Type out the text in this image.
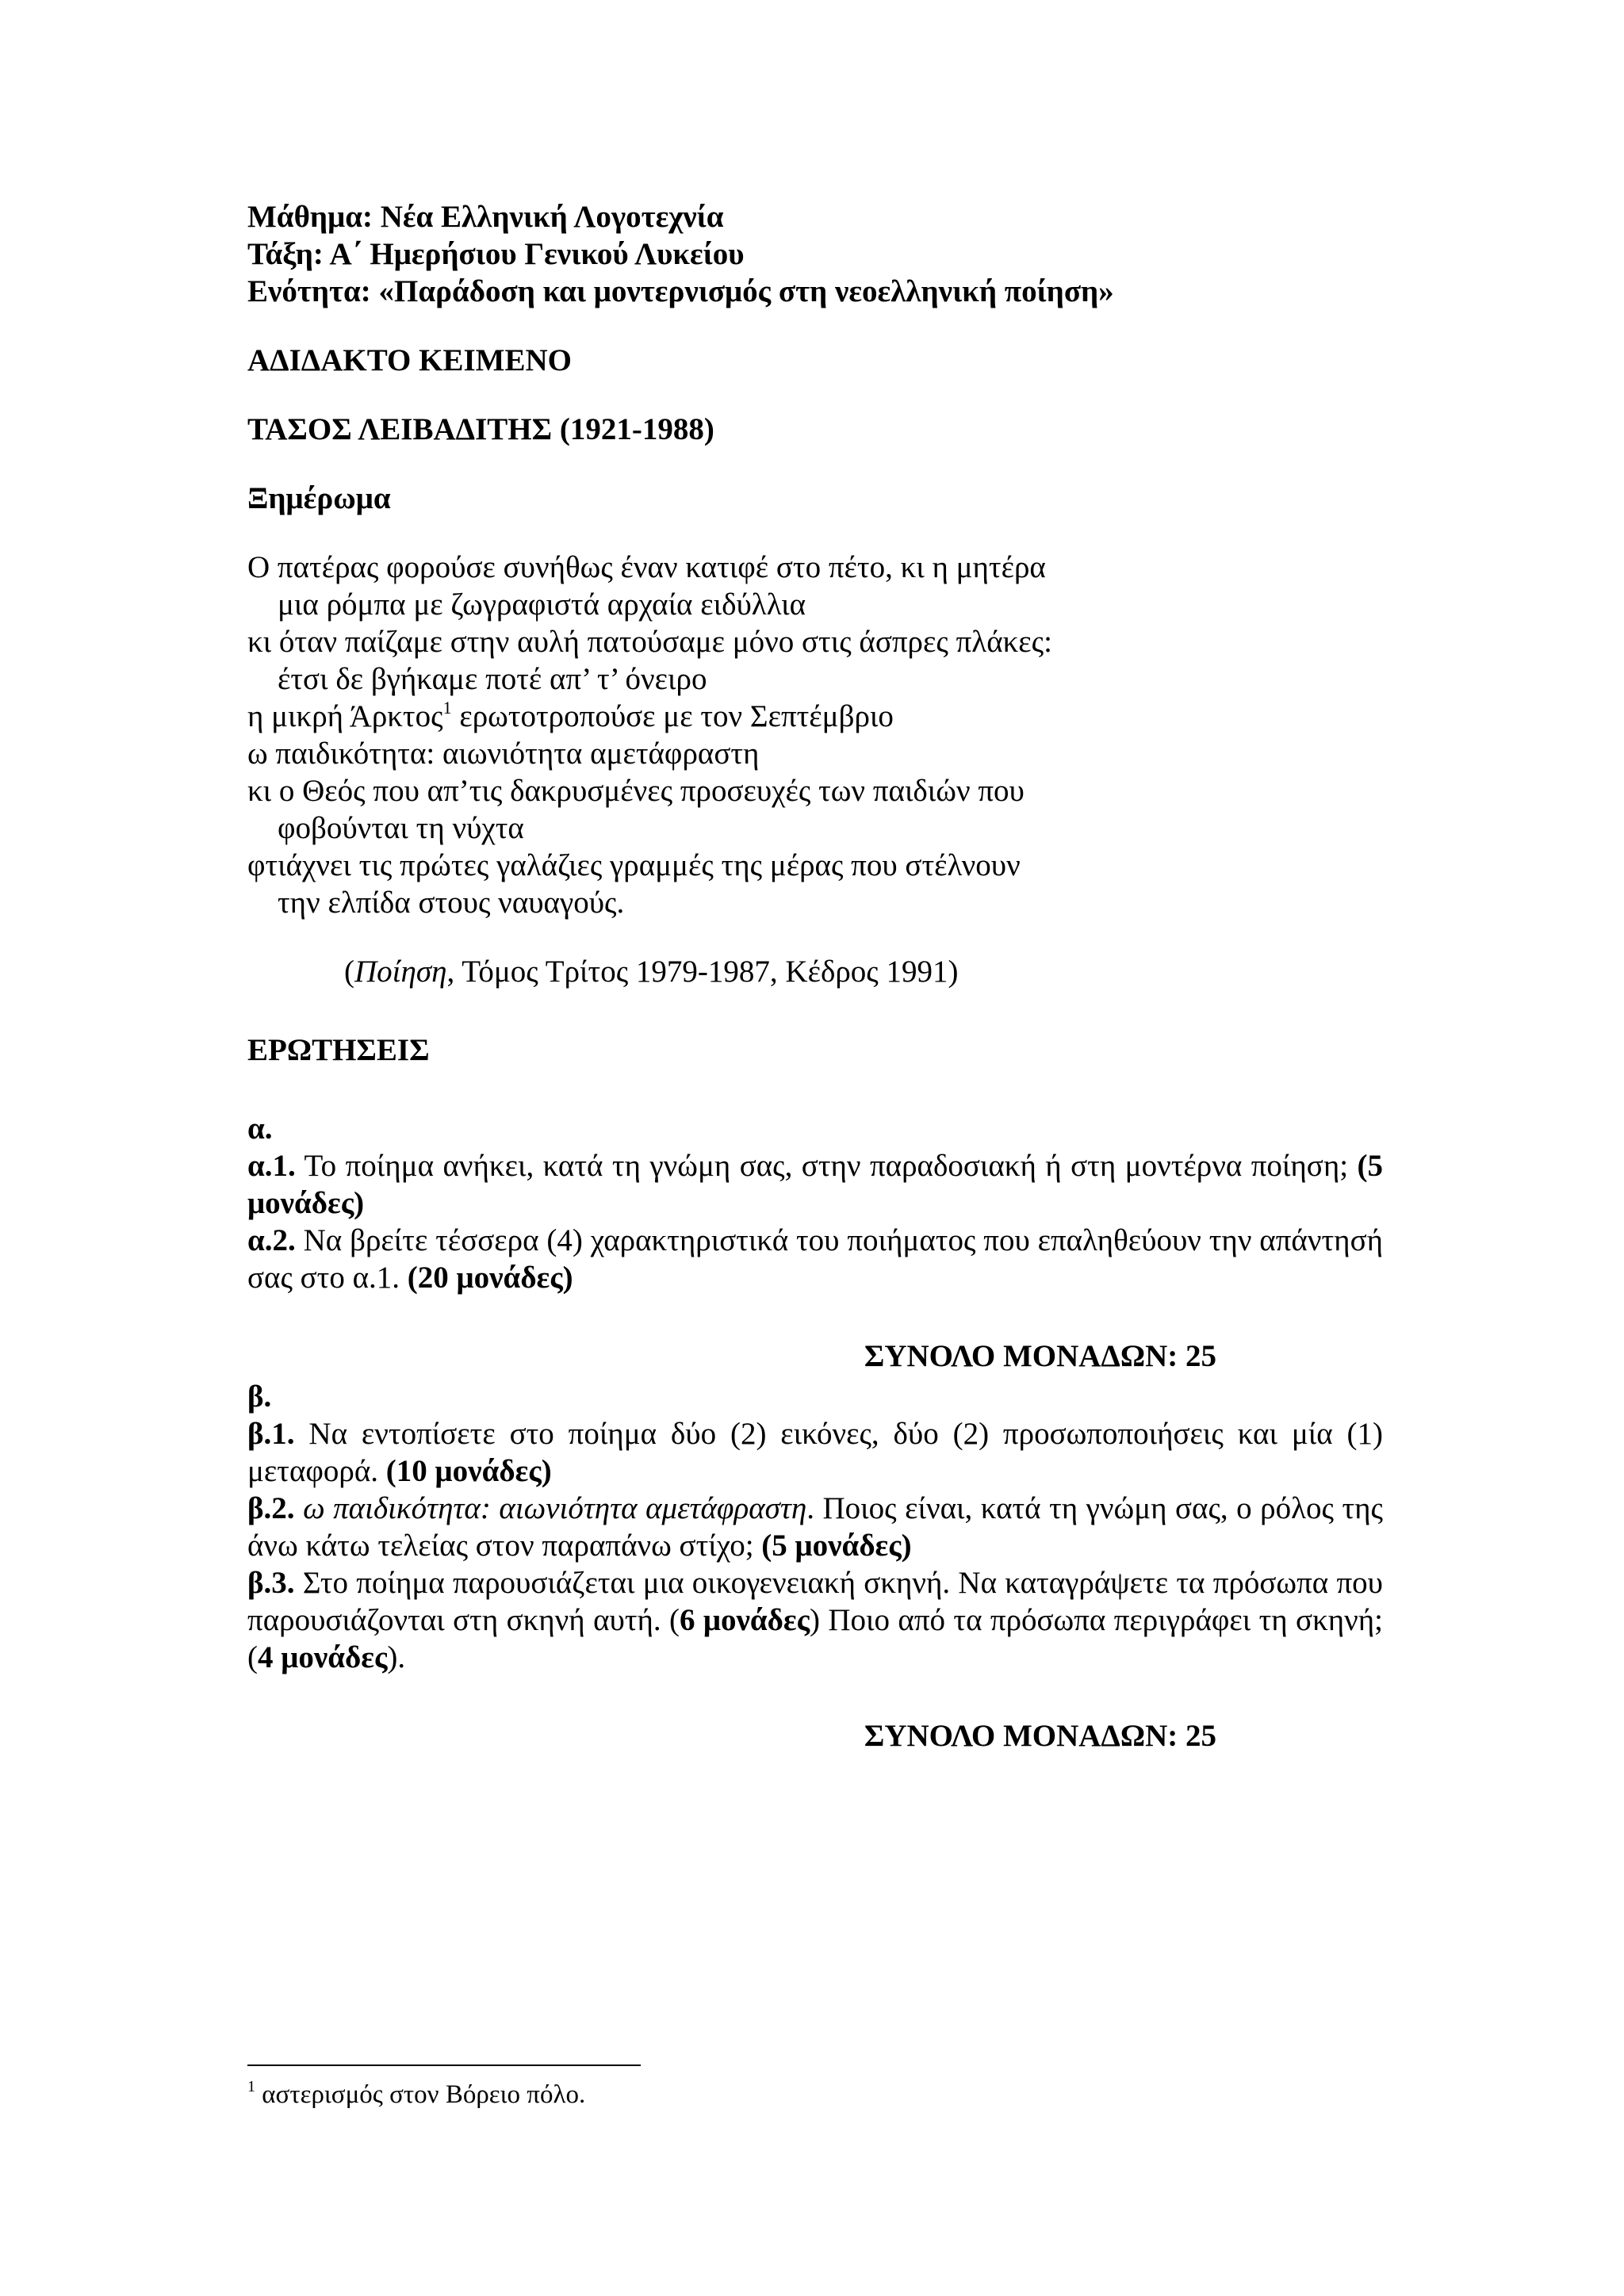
Μάθημα: Νέα Ελληνική Λογοτεχνία
Τάξη: Α΄ Ημερήσιου Γενικού Λυκείου
Ενότητα: «Παράδοση και μοντερνισμός στη νεοελληνική ποίηση»
ΑΔΙΔΑΚΤΟ ΚΕΙΜΕΝΟ
ΤΑΣΟΣ ΛΕΙΒΑΔΙΤΗΣ (1921-1988)
Ξημέρωμα
Ο πατέρας φορούσε συνήθως έναν κατιφέ στο πέτο, κι η μητέρα
μια ρόμπα με ζωγραφιστά αρχαία ειδύλλια
κι όταν παίζαμε στην αυλή πατούσαμε μόνο στις άσπρες πλάκες:
έτσι δε βγήκαμε ποτέ απ’ τ’ όνειρο
η μικρή Άρκτος$^1$ ερωτοτροπούσε με τον Σεπτέμβριο
ω παιδικότητα: αιωνιότητα αμετάφραστη
κι ο Θεός που απ’τις δακρυσμένες προσευχές των παιδιών που
φοβούνται τη νύχτα
φτιάχνει τις πρώτες γαλάζιες γραμμές της μέρας που στέλνουν
την ελπίδα στους ναυαγούς.
(Ποίηση, Τόμος Τρίτος 1979-1987, Κέδρος 1991)
ΕΡΩΤΗΣΕΙΣ
α.
α.1. Το ποίημα ανήκει, κατά τη γνώμη σας, στην παραδοσιακή ή στη μοντέρνα ποίηση; (5 μονάδες)
α.2. Να βρείτε τέσσερα (4) χαρακτηριστικά του ποιήματος που επαληθεύουν την απάντησή σας στο α.1. (20 μονάδες)
ΣΥΝΟΛΟ ΜΟΝΑΔΩΝ: 25
β.
β.1. Να εντοπίσετε στο ποίημα δύο (2) εικόνες, δύο (2) προσωποποιήσεις και μία (1) μεταφορά. (10 μονάδες)
β.2. ω παιδικότητα: αιωνιότητα αμετάφραστη. Ποιος είναι, κατά τη γνώμη σας, ο ρόλος της άνω κάτω τελείας στον παραπάνω στίχο; (5 μονάδες)
β.3. Στο ποίημα παρουσιάζεται μια οικογενειακή σκηνή. Να καταγράψετε τα πρόσωπα που παρουσιάζονται στη σκηνή αυτή. (6 μονάδες) Ποιο από τα πρόσωπα περιγράφει τη σκηνή; (4 μονάδες).
ΣΥΝΟΛΟ ΜΟΝΑΔΩΝ: 25
$^1$ αστερισμός στον Βόρειο πόλο.
